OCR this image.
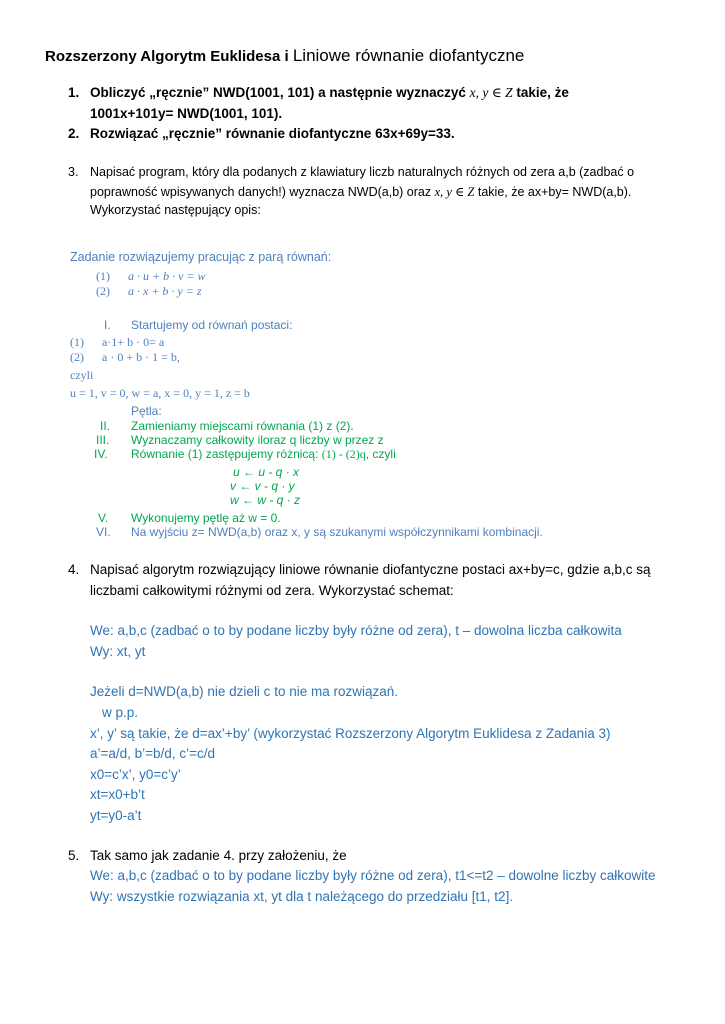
Rozszerzony Algorytm Euklidesa i Liniowe równanie diofantyczne
1. Obliczyć „ręcznie” NWD(1001, 101) a następnie wyznaczyć x, y ∈ Z takie, że
1001x+101y= NWD(1001, 101).
2. Rozwiązać „ręcznie” równanie diofantyczne 63x+69y=33.
3. Napisać program, który dla podanych z klawiatury liczb naturalnych różnych od zera a,b (zadbać o
poprawność wpisywanych danych!) wyznacza NWD(a,b) oraz x, y ∈ Z takie, że ax+by= NWD(a,b).
Wykorzystać następujący opis:
Zadanie rozwiązujemy pracując z parą równań:
(1) a · u + b · v = w
(2) a · x + b · y = z
I. Startujemy od równań postaci:
(1) a·1+ b · 0= a
(2) a · 0 + b · 1 = b,
czyli
u = 1, v = 0, w = a, x = 0, y = 1, z = b
Pętla:
II. Zamieniamy miejscami równania (1) z (2).
III. Wyznaczamy całkowity iloraz q liczby w przez z
IV. Równanie (1) zastępujemy różnicą: (1) - (2)q, czyli
u ← u - q · x
v ← v - q · y
w ← w - q · z
V. Wykonujemy pętlę aż w = 0.
VI. Na wyjściu z= NWD(a,b) oraz x, y są szukanymi współczynnikami kombinacji.
4. Napisać algorytm rozwiązujący liniowe równanie diofantyczne postaci ax+by=c, gdzie a,b,c są
liczbami całkowitymi różnymi od zera. Wykorzystać schemat:
We: a,b,c (zadbać o to by podane liczby były różne od zera), t – dowolna liczba całkowita
Wy: xt, yt
Jeżeli d=NWD(a,b) nie dzieli c to nie ma rozwiązań.
w p.p.
x’, y’ są takie, że d=ax’+by’ (wykorzystać Rozszerzony Algorytm Euklidesa z Zadania 3)
a’=a/d, b’=b/d, c’=c/d
x0=c’x’, y0=c’y’
xt=x0+b’t
yt=y0-a’t
5. Tak samo jak zadanie 4. przy założeniu, że
We: a,b,c (zadbać o to by podane liczby były różne od zera), t1<=t2 – dowolne liczby całkowite
Wy: wszystkie rozwiązania xt, yt dla t należącego do przedziału [t1, t2].
